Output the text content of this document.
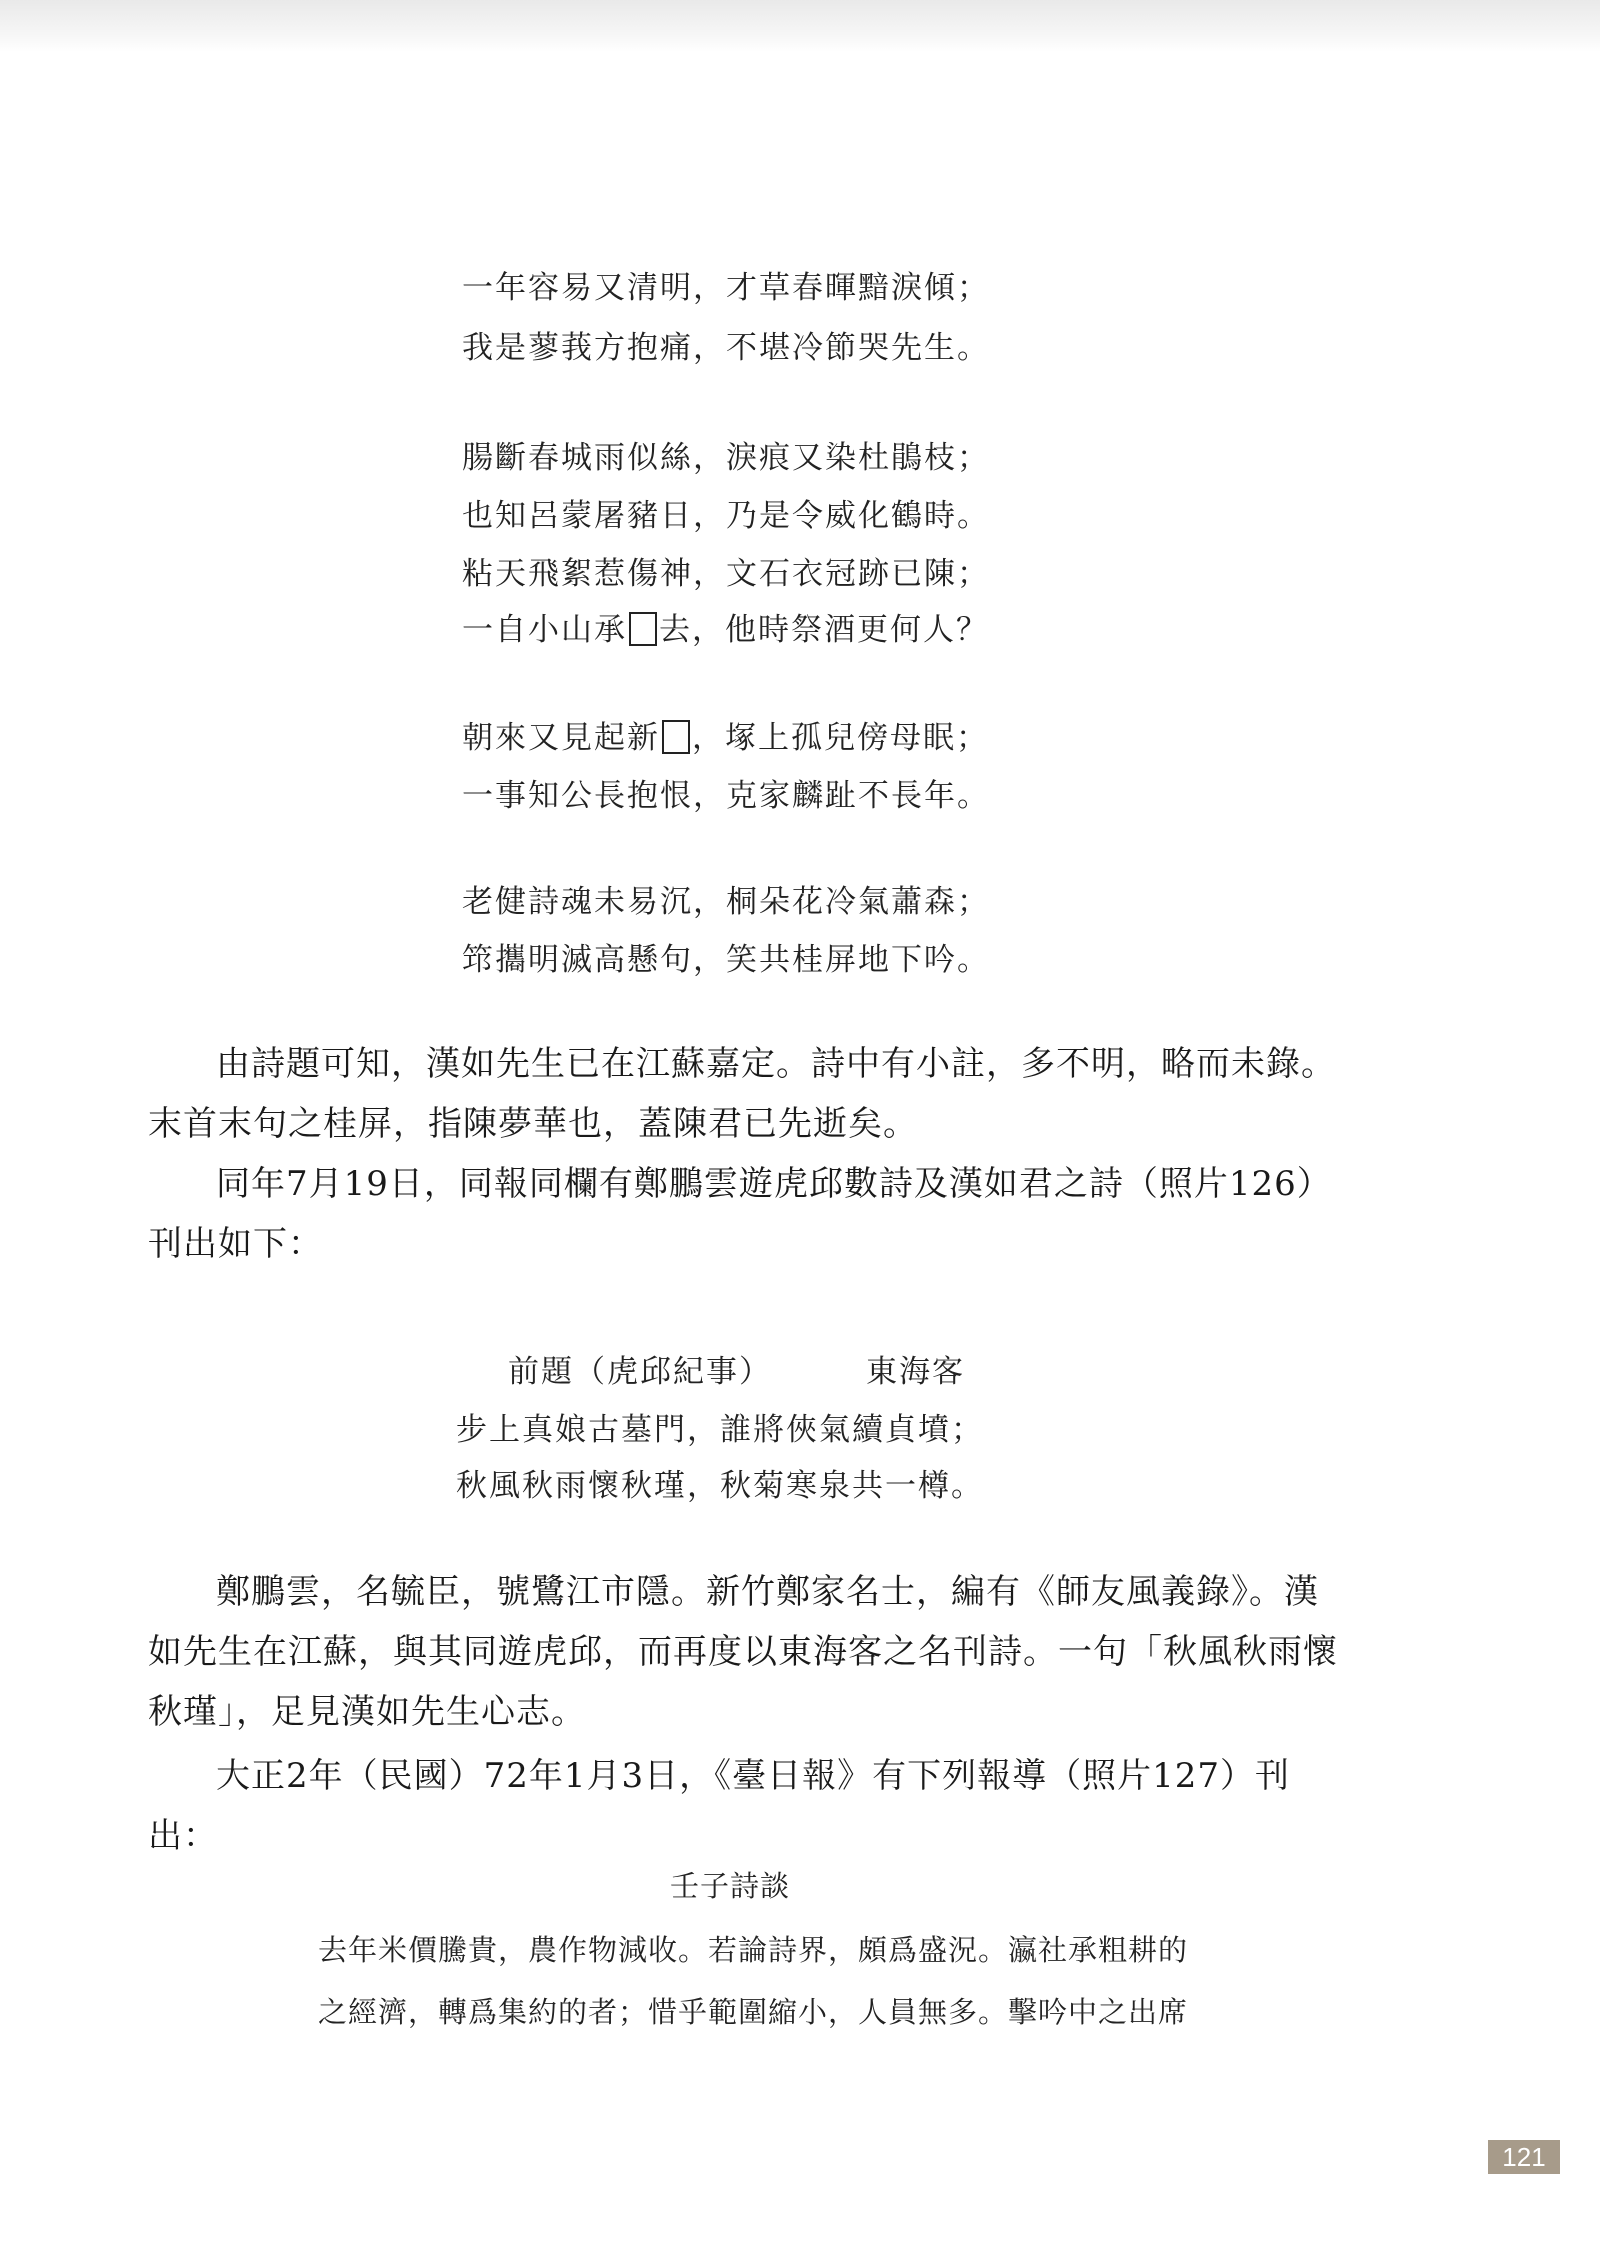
一年容易又清明，才草春暉黯淚傾；
我是蓼莪方抱痛，不堪冷節哭先生。
腸斷春城雨似絲，淚痕又染杜鵑枝；
也知呂蒙屠豬日，乃是令威化鶴時。
粘天飛絮惹傷神，文石衣冠跡已陳；
一自小山承 去，他時祭酒更何人？
朝來又見起新 ，塚上孤兒傍母眠；
一事知公長抱恨，克家麟趾不長年。
老健詩魂未易沉，桐朵花冷氣蕭森；
筇攜明滅高懸句，笑共桂屏地下吟。

由詩題可知，漢如先生已在江蘇嘉定。詩中有小註，多不明，略而未錄。末首末句之桂屏，指陳夢華也，蓋陳君已先逝矣。

同年7月19日，同報同欄有鄭鵬雲遊虎邱數詩及漢如君之詩（照片126）刊出如下：

前題（虎邱紀事）	東海客
步上真娘古墓門，誰將俠氣續貞墳；
秋風秋雨懷秋瑾，秋菊寒泉共一樽。

鄭鵬雲，名毓臣，號鷺江市隱。新竹鄭家名士，編有《師友風義錄》。漢如先生在江蘇，與其同遊虎邱，而再度以東海客之名刊詩。一句「秋風秋雨懷秋瑾」，足見漢如先生心志。

大正2年（民國）72年1月3日，《臺日報》有下列報導（照片127）刊出：

壬子詩談
去年米價騰貴，農作物減收。若論詩界，頗爲盛況。瀛社承粗耕的
之經濟，轉爲集約的者；惜乎範圍縮小，人員無多。擊吟中之出席
121
